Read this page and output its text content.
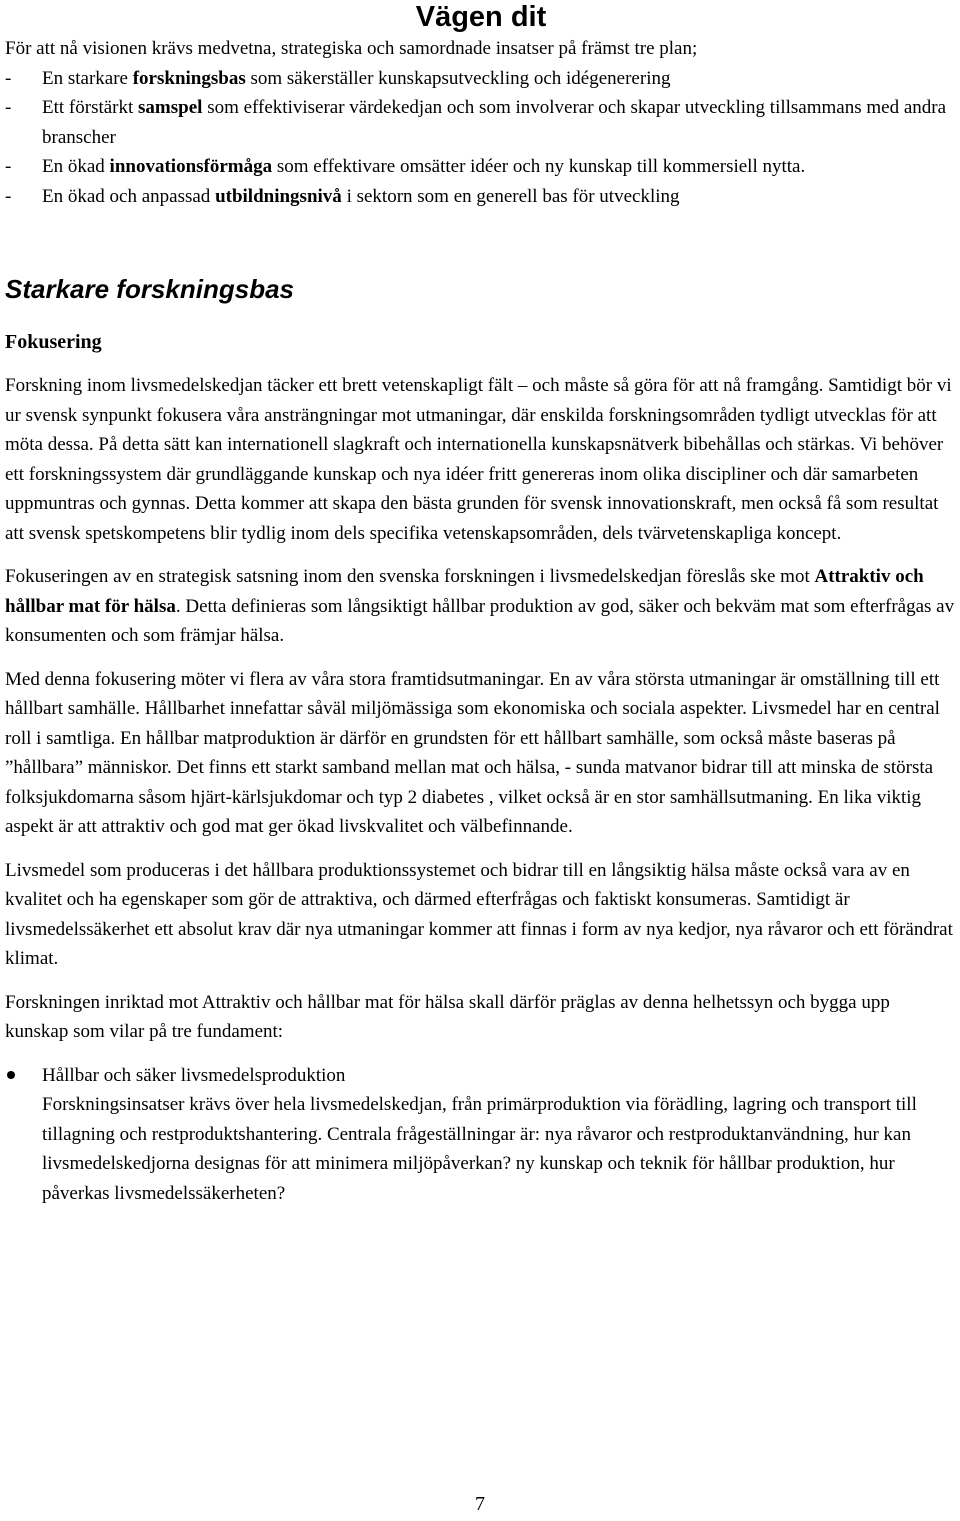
Vägen dit

För att nå visionen krävs medvetna, strategiska och samordnade insatser på främst tre plan;

- En starkare forskningsbas som säkerställer kunskapsutveckling och idégenerering
- Ett förstärkt samspel som effektiviserar värdekedjan och som involverar och skapar utveckling tillsammans med andra branscher
- En ökad innovationsförmåga som effektivare omsätter idéer och ny kunskap till kommersiell nytta.
- En ökad och anpassad utbildningsnivå i sektorn som en generell bas för utveckling
Starkare forskningsbas
Fokusering

Forskning inom livsmedelskedjan täcker ett brett vetenskapligt fält – och måste så göra för att nå framgång. Samtidigt bör vi ur svensk synpunkt fokusera våra ansträngningar mot utmaningar, där enskilda forskningsområden tydligt utvecklas för att möta dessa. På detta sätt kan internationell slagkraft och internationella kunskapsnätverk bibehållas och stärkas. Vi behöver ett forskningssystem där grundläggande kunskap och nya idéer fritt genereras inom olika discipliner och där samarbeten uppmuntras och gynnas. Detta kommer att skapa den bästa grunden för svensk innovationskraft, men också få som resultat att svensk spetskompetens blir tydlig inom dels specifika vetenskapsområden, dels tvärvetenskapliga koncept.

Fokuseringen av en strategisk satsning inom den svenska forskningen i livsmedelskedjan föreslås ske mot Attraktiv och hållbar mat för hälsa. Detta definieras som långsiktigt hållbar produktion av god, säker och bekväm mat som efterfrågas av konsumenten och som främjar hälsa.

Med denna fokusering möter vi flera av våra stora framtidsutmaningar. En av våra största utmaningar är omställning till ett hållbart samhälle. Hållbarhet innefattar såväl miljömässiga som ekonomiska och sociala aspekter. Livsmedel har en central roll i samtliga. En hållbar matproduktion är därför en grundsten för ett hållbart samhälle, som också måste baseras på ”hållbara” människor. Det finns ett starkt samband mellan mat och hälsa, - sunda matvanor bidrar till att minska de största folksjukdomarna såsom hjärt-kärlsjukdomar och typ 2 diabetes , vilket också är en stor samhällsutmaning. En lika viktig aspekt är att attraktiv och god mat ger ökad livskvalitet och välbefinnande.

Livsmedel som produceras i det hållbara produktionssystemet och bidrar till en långsiktig hälsa måste också vara av en kvalitet och ha egenskaper som gör de attraktiva, och därmed efterfrågas och faktiskt konsumeras. Samtidigt är livsmedelssäkerhet ett absolut krav där nya utmaningar kommer att finnas i form av nya kedjor, nya råvaror och ett förändrat klimat.

Forskningen inriktad mot Attraktiv och hållbar mat för hälsa skall därför präglas av denna helhetssyn och bygga upp kunskap som vilar på tre fundament:

Hållbar och säker livsmedelsproduktion
Forskningsinsatser krävs över hela livsmedelskedjan, från primärproduktion via förädling, lagring och transport till tillagning och restproduktshantering. Centrala frågeställningar är: nya råvaror och restproduktanvändning, hur kan livsmedelskedjorna designas för att minimera miljöpåverkan? ny kunskap och teknik för hållbar produktion, hur påverkas livsmedelssäkerheten?
7
